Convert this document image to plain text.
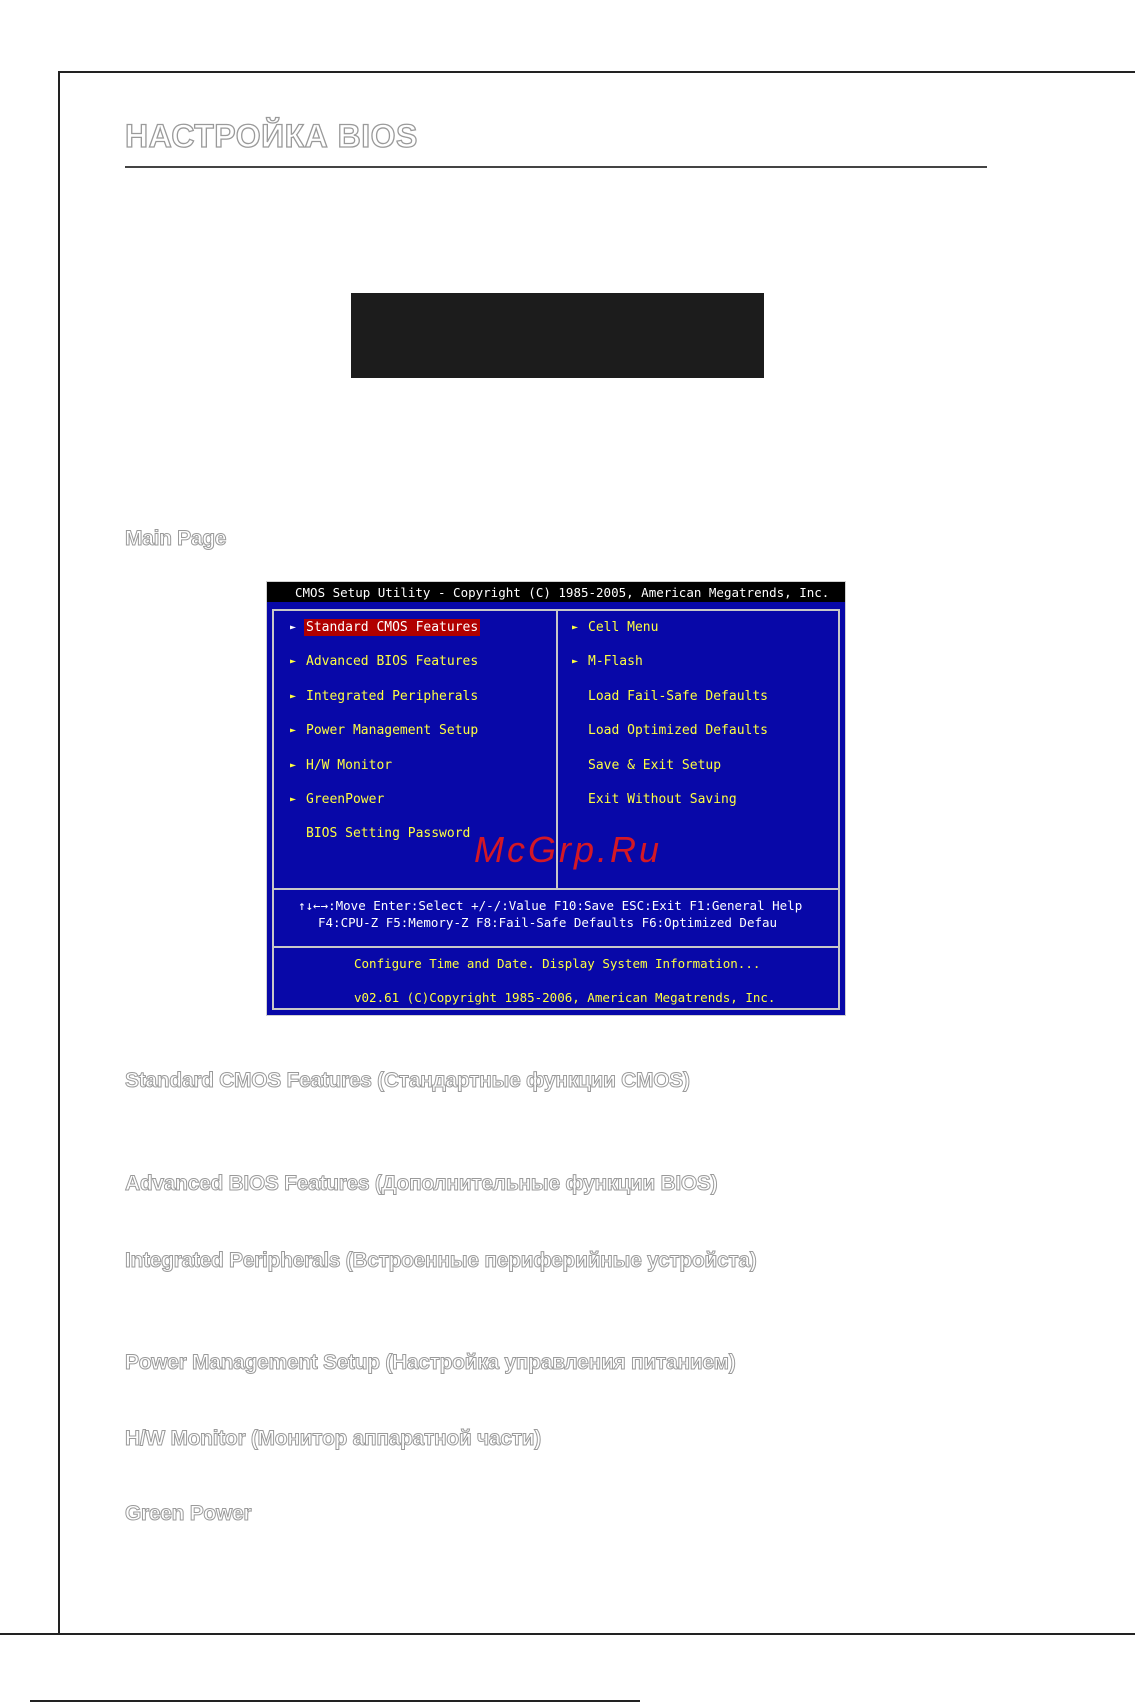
НАСТРОЙКА BIOS
Main Page
CMOS Setup Utility - Copyright (C) 1985-2005, American Megatrends, Inc.
► Standard CMOS Features
► Advanced BIOS Features
► Integrated Peripherals
► Power Management Setup
► H/W Monitor
► GreenPower
BIOS Setting Password
► Cell Menu
► M-Flash
Load Fail-Safe Defaults
Load Optimized Defaults
Save & Exit Setup
Exit Without Saving
↑↓←→:Move Enter:Select +/-/:Value F10:Save ESC:Exit F1:General Help
F4:CPU-Z F5:Memory-Z F8:Fail-Safe Defaults F6:Optimized Defau
Configure Time and Date. Display System Information...
v02.61 (C)Copyright 1985-2006, American Megatrends, Inc.
McGrp.Ru
Standard CMOS Features (Стандартные функции CMOS)
Advanced BIOS Features (Дополнительные функции BIOS)
Integrated Peripherals (Встроенные периферийные устройста)
Power Management Setup (Настройка управления питанием)
H/W Monitor (Монитор аппаратной части)
Green Power
